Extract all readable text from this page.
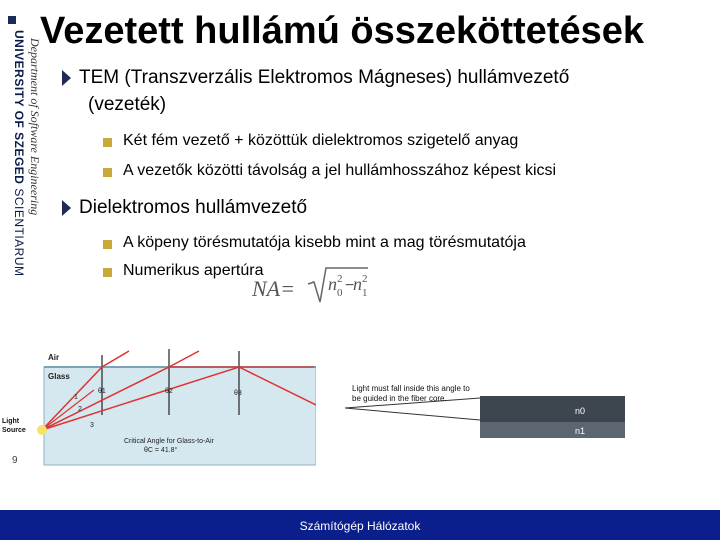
UNIVERSITY OF SZEGED SCIENTIARUM
Department of Software Engineering
9
Vezetett hullámú összeköttetések
TEM (Transzverzális Elektromos Mágneses) hullámvezető
(vezeték)
Két fém vezető + közöttük dielektromos szigetelő anyag
A vezetők közötti távolság a jel hullámhosszához képest kicsi
Dielektromos hullámvezető
A köpeny törésmutatója kisebb mint a mag törésmutatója
Numerikus apertúra
NA= n 2
0 −
n 2
1
Air
Glass
θ1	θ2	θ3
1
2
3
Critical Angle for Glass-to-Air
θC = 41.8°
Light Source
n0
n1
Light must fall inside this angle to be guided in the fiber core.
Számítógép Hálózatok
